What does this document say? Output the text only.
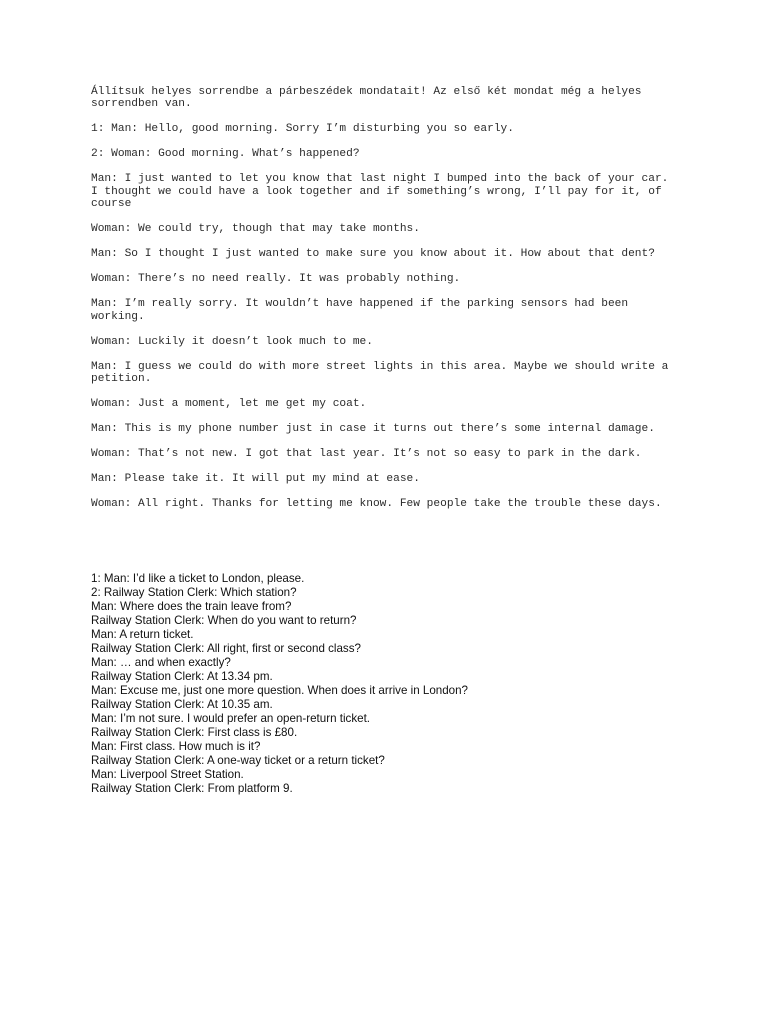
Állítsuk helyes sorrendbe a párbeszédek mondatait! Az első két mondat még a helyes sorrendben van.

1: Man: Hello, good morning. Sorry I’m disturbing you so early.

2: Woman: Good morning. What’s happened?

Man: I just wanted to let you know that last night I bumped into the back of your car. I thought we could have a look together and if something’s wrong, I’ll pay for it, of course

Woman: We could try, though that may take months.

Man: So I thought I just wanted to make sure you know about it. How about that dent?

Woman: There’s no need really. It was probably nothing.

Man: I’m really sorry. It wouldn’t have happened if the parking sensors had been working.

Woman: Luckily it doesn’t look much to me.

Man: I guess we could do with more street lights in this area. Maybe we should write a petition.

Woman: Just a moment, let me get my coat.

Man: This is my phone number just in case it turns out there’s some internal damage.

Woman: That’s not new. I got that last year. It’s not so easy to park in the dark.

Man: Please take it. It will put my mind at ease.

Woman: All right. Thanks for letting me know. Few people take the trouble these days.

1: Man: I’d like a ticket to London, please.
2: Railway Station Clerk: Which station?
Man: Where does the train leave from?
Railway Station Clerk: When do you want to return?
Man: A return ticket.
Railway Station Clerk: All right, first or second class?
Man: … and when exactly?
Railway Station Clerk: At 13.34 pm.
Man: Excuse me, just one more question. When does it arrive in London?
Railway Station Clerk: At 10.35 am.
Man: I’m not sure. I would prefer an open-return ticket.
Railway Station Clerk: First class is £80.
Man: First class. How much is it?
Railway Station Clerk: A one-way ticket or a return ticket?
Man: Liverpool Street Station.
Railway Station Clerk: From platform 9.
